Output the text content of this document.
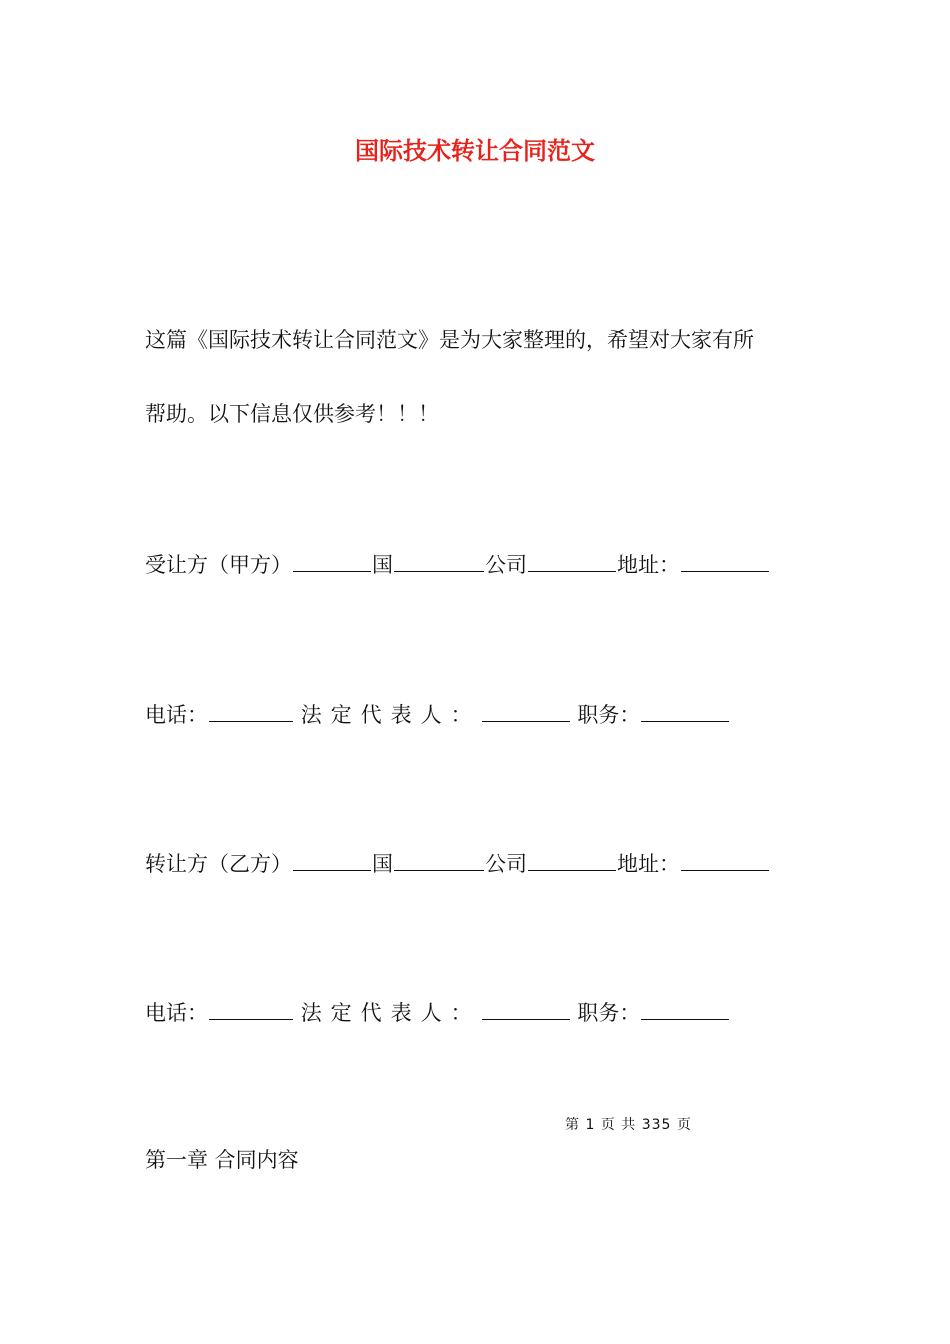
国际技术转让合同范文
这篇《国际技术转让合同范文》是为大家整理的，希望对大家有所
帮助。以下信息仅供参考！！！
受让方（甲方）	国	公司	地址：
电话：	法定代表人：	职务：
转让方（乙方）	国	公司	地址：
电话：	法定代表人：	职务：
第 1 页 共 335 页
第一章 合同内容
